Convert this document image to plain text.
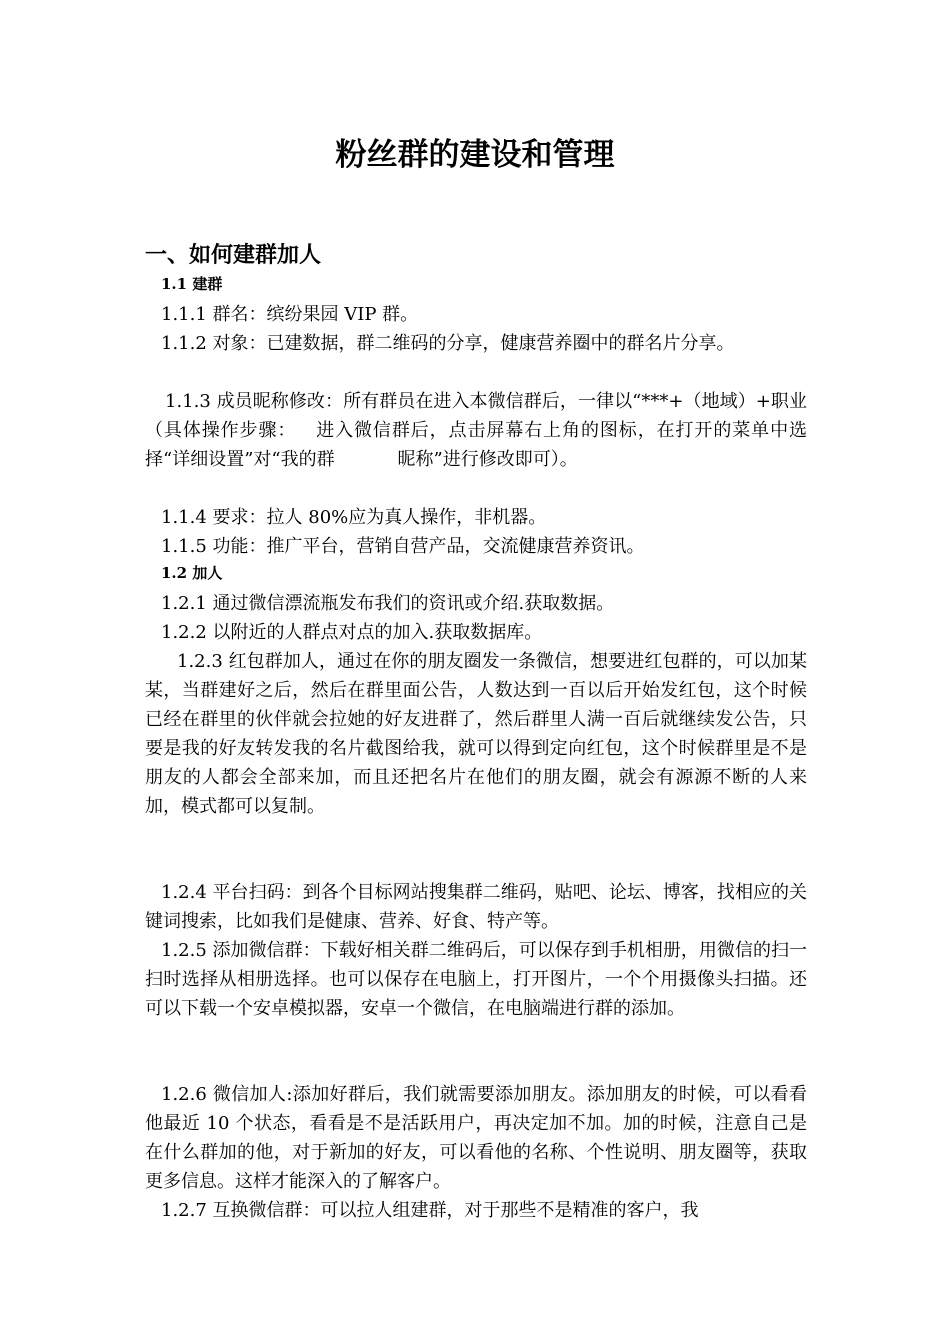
粉丝群的建设和管理
一、如何建群加人
1.1 建群
1.1.1 群名：缤纷果园 VIP 群。
1.1.2 对象：已建数据，群二维码的分享，健康营养圈中的群名片分享。
1.1.3 成员昵称修改：所有群员在进入本微信群后，一律以“***+（地域）+职业（具体操作步骤：   进入微信群后，点击屏幕右上角的图标，在打开的菜单中选择“详细设置”对“我的群           昵称”进行修改即可）。
1.1.4 要求：拉人 80%应为真人操作，非机器。
1.1.5 功能：推广平台，营销自营产品，交流健康营养资讯。
1.2 加人
1.2.1 通过微信漂流瓶发布我们的资讯或介绍.获取数据。
1.2.2 以附近的人群点对点的加入.获取数据库。
1.2.3 红包群加人，通过在你的朋友圈发一条微信，想要进红包群的，可以加某某，当群建好之后，然后在群里面公告，人数达到一百以后开始发红包，这个时候已经在群里的伙伴就会拉她的好友进群了，然后群里人满一百后就继续发公告，只要是我的好友转发我的名片截图给我，就可以得到定向红包，这个时候群里是不是朋友的人都会全部来加，而且还把名片在他们的朋友圈，就会有源源不断的人来加，模式都可以复制。
1.2.4 平台扫码：到各个目标网站搜集群二维码，贴吧、论坛、博客，找相应的关键词搜索，比如我们是健康、营养、好食、特产等。
1.2.5 添加微信群：下载好相关群二维码后，可以保存到手机相册，用微信的扫一扫时选择从相册选择。也可以保存在电脑上，打开图片，一个个用摄像头扫描。还可以下载一个安卓模拟器，安卓一个微信，在电脑端进行群的添加。
1.2.6 微信加人:添加好群后，我们就需要添加朋友。添加朋友的时候，可以看看他最近 10 个状态，看看是不是活跃用户，再决定加不加。加的时候，注意自己是在什么群加的他，对于新加的好友，可以看他的名称、个性说明、朋友圈等，获取更多信息。这样才能深入的了解客户。
1.2.7 互换微信群：可以拉人组建群，对于那些不是精准的客户，我
